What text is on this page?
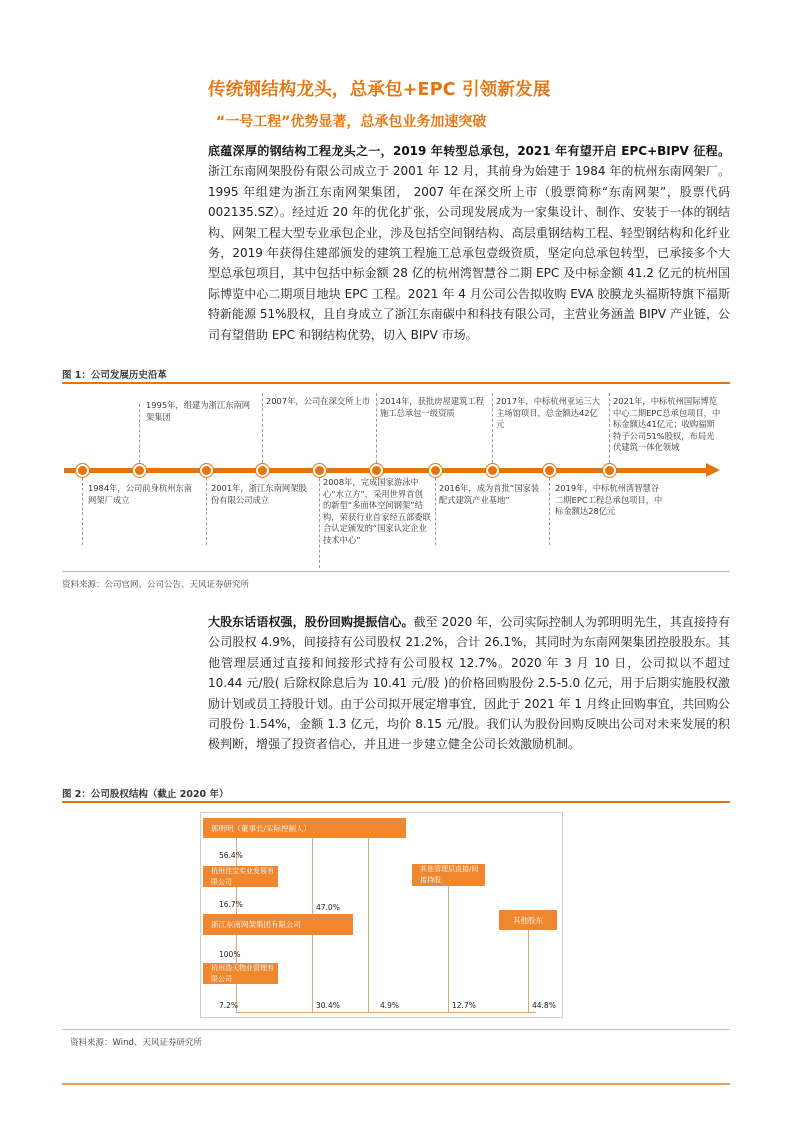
传统钢结构龙头，总承包+EPC 引领新发展
“一号工程”优势显著，总承包业务加速突破
底蕴深厚的钢结构工程龙头之一，2019 年转型总承包，2021 年有望开启 EPC+BIPV 征程。浙江东南网架股份有限公司成立于 2001 年 12 月，其前身为始建于 1984 年的杭州东南网架厂。1995 年组建为浙江东南网架集团， 2007 年在深交所上市（股票简称“东南网架”，股票代码 002135.SZ）。经过近 20 年的优化扩张，公司现发展成为一家集设计、制作、安装于一体的钢结构、网架工程大型专业承包企业，涉及包括空间钢结构、高层重钢结构工程、轻型钢结构和化纤业务，2019 年获得住建部颁发的建筑工程施工总承包壹级资质，坚定向总承包转型，已承接多个大型总承包项目，其中包括中标金额 28 亿的杭州湾智慧谷二期 EPC 及中标金额 41.2 亿元的杭州国际博览中心二期项目地块 EPC 工程。2021 年 4 月公司公告拟收购 EVA 胶膜龙头福斯特旗下福斯特新能源 51%股权，且自身成立了浙江东南碳中和科技有限公司，主营业务涵盖 BIPV 产业链，公司有望借助 EPC 和钢结构优势，切入 BIPV 市场。
图 1：公司发展历史沿革
1995年，组建为浙江东南网架集团
2007年，公司在深交所上市 2014年，获批房屋建筑工程施工总承包一级资质
2017年，中标杭州亚运三大主场馆项目，总金额达42亿元
2021年，中标杭州国际博览中心二期EPC总承包项目，中标金额达41亿元；收购福斯特子公司51%股权，布局光伏建筑一体化领域
1984年，公司前身杭州东南网架厂成立
2001年，浙江东南网架股份有限公司成立
2008年，完成国家游泳中心“水立方”，采用世界首创的新型“多面体空间钢架”结构，荣获行业首家经五部委联合认定颁发的“国家认定企业技术中心”
2016年，成为首批“国家装配式建筑产业基地”
2019年，中标杭州湾智慧谷二期EPC工程总承包项目，中标金额达28亿元
资料来源：公司官网、公司公告、天风证券研究所
大股东话语权强，股份回购提振信心。截至 2020 年，公司实际控制人为郭明明先生，其直接持有公司股权 4.9%，间接持有公司股权 21.2%，合计 26.1%，其同时为东南网架集团控股股东。其他管理层通过直接和间接形式持有公司股权 12.7%。2020 年 3 月 10 日，公司拟以不超过 10.44 元/股( 后除权除息后为 10.41 元/股 )的价格回购股份 2.5-5.0 亿元，用于后期实施股权激励计划或员工持股计划。由于公司拟开展定增事宜，因此于 2021 年 1 月终止回购事宜，共回购公司股份 1.54%，金额 1.3 亿元，均价 8.15 元/股。我们认为股份回购反映出公司对未来发展的积极判断，增强了投资者信心，并且进一步建立健全公司长效激励机制。
图 2：公司股权结构（截止 2020 年）
郭明明（董事长/实际控制人）
杭州佳宝实业发展有限公司
浙江东南网架集团有限公司
杭州浩天物业管理有限公司
其他管理层直接/间接持股
其他股东
56.4%
16.7%	47.0%
100%
7.2%	30.4%	4.9%	12.7%	44.8%
资料来源：Wind、天风证券研究所
